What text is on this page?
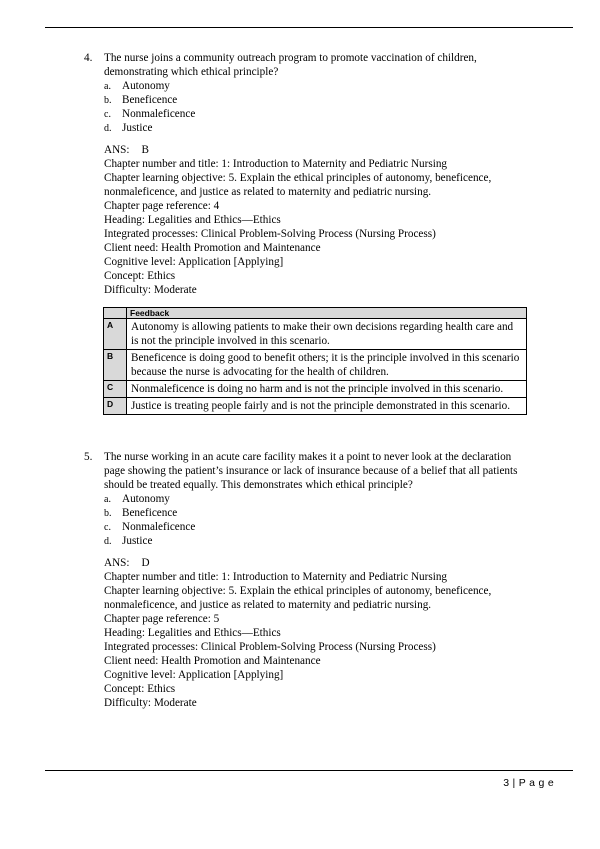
4.	The nurse joins a community outreach program to promote vaccination of children, demonstrating which ethical principle?
a. Autonomy
b. Beneficence
c. Nonmaleficence
d. Justice
ANS: B
Chapter number and title: 1: Introduction to Maternity and Pediatric Nursing
Chapter learning objective: 5. Explain the ethical principles of autonomy, beneficence,
nonmaleficence, and justice as related to maternity and pediatric nursing.
Chapter page reference: 4
Heading: Legalities and Ethics—Ethics
Integrated processes: Clinical Problem-Solving Process (Nursing Process)
Client need: Health Promotion and Maintenance
Cognitive level: Application [Applying]
Concept: Ethics
Difficulty: Moderate
	Feedback
A	Autonomy is allowing patients to make their own decisions regarding health care and is not the principle involved in this scenario.
B	Beneficence is doing good to benefit others; it is the principle involved in this scenario because the nurse is advocating for the health of children.
C	Nonmaleficence is doing no harm and is not the principle involved in this scenario.
D	Justice is treating people fairly and is not the principle demonstrated in this scenario.
5.	The nurse working in an acute care facility makes it a point to never look at the declaration page showing the patient’s insurance or lack of insurance because of a belief that all patients should be treated equally. This demonstrates which ethical principle?
a. Autonomy
b. Beneficence
c. Nonmaleficence
d. Justice
ANS: D
Chapter number and title: 1: Introduction to Maternity and Pediatric Nursing
Chapter learning objective: 5. Explain the ethical principles of autonomy, beneficence,
nonmaleficence, and justice as related to maternity and pediatric nursing.
Chapter page reference: 5
Heading: Legalities and Ethics—Ethics
Integrated processes: Clinical Problem-Solving Process (Nursing Process)
Client need: Health Promotion and Maintenance
Cognitive level: Application [Applying]
Concept: Ethics
Difficulty: Moderate
3 | P a g e
